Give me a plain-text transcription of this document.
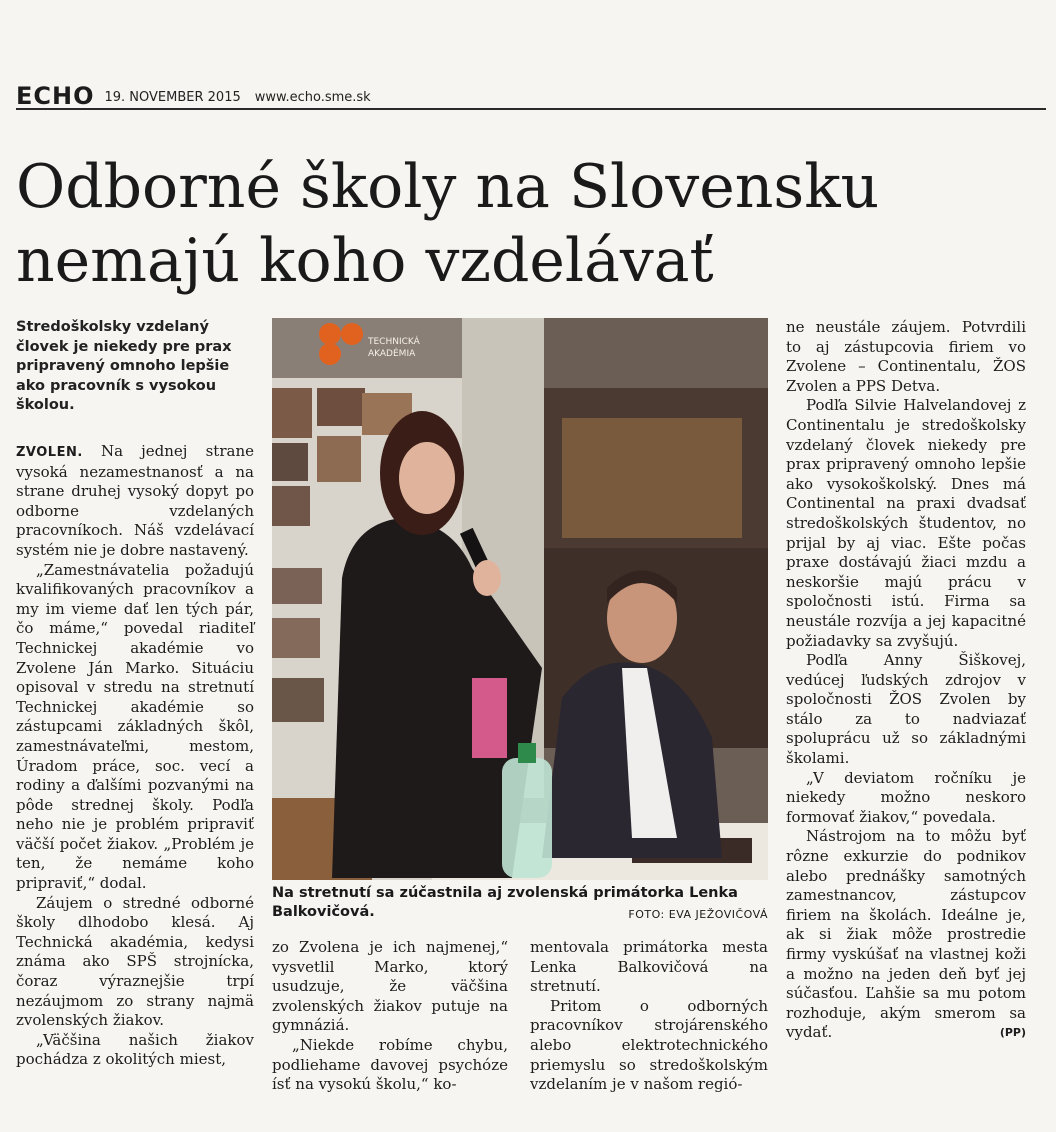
ECHO 19. NOVEMBER 2015 www.echo.sme.sk
Odborné školy na Slovensku nemajú koho vzdelávať
Stredoškolsky vzdelaný človek je niekedy pre prax pripravený omnoho lepšie ako pracovník s vysokou školou.

ZVOLEN. Na jednej strane vysoká nezamestnanosť a na strane druhej vysoký dopyt po odborne vzdelaných pracovníkoch. Náš vzdelávací systém nie je dobre nastavený.

„Zamestnávatelia požadujú kvalifikovaných pracovníkov a my im vieme dať len tých pár, čo máme,“ povedal riaditeľ Technickej akadémie vo Zvolene Ján Marko. Situáciu opisoval v stredu na stretnutí Technickej akadémie so zástupcami základných škôl, zamestnávateľmi, mestom, Úradom práce, soc. vecí a rodiny a ďalšími pozvanými na pôde strednej školy. Podľa neho nie je problém pripraviť väčší počet žiakov. „Problém je ten, že nemáme koho pripraviť,“ dodal.

Záujem o stredné odborné školy dlhodobo klesá. Aj Technická akadémia, kedysi známa ako SPŠ strojnícka, čoraz výraznejšie trpí nezáujmom zo strany najmä zvolenských žiakov.

„Väčšina našich žiakov pochádza z okolitých miest,

TECHNICKÁ
AKADÉMIA
Na stretnutí sa zúčastnila aj zvolenská primátorka Lenka Balkovičová.	FOTO: EVA JEŽOVIČOVÁ

zo Zvolena je ich najmenej,“ vysvetlil Marko, ktorý usudzuje, že väčšina zvolenských žiakov putuje na gymnáziá.

„Niekde robíme chybu, podliehame davovej psychóze ísť na vysokú školu,“ ko-

mentovala primátorka mesta Lenka Balkovičová na stretnutí.

Pritom o odborných pracovníkov strojárenského alebo elektrotechnického priemyslu so stredoškolským vzdelaním je v našom regió-

ne neustále záujem. Potvrdili to aj zástupcovia firiem vo Zvolene – Continentalu, ŽOS Zvolen a PPS Detva.

Podľa Silvie Halvelandovej z Continentalu je stredoškolsky vzdelaný človek niekedy pre prax pripravený omnoho lepšie ako vysokoškolský. Dnes má Continental na praxi dvadsať stredoškolských študentov, no prijal by aj viac. Ešte počas praxe dostávajú žiaci mzdu a neskoršie majú prácu v spoločnosti istú. Firma sa neustále rozvíja a jej kapacitné požiadavky sa zvyšujú.

Podľa Anny Šiškovej, vedúcej ľudských zdrojov v spoločnosti ŽOS Zvolen by stálo za to nadviazať spoluprácu už so základnými školami.

„V deviatom ročníku je niekedy možno neskoro formovať žiakov,“ povedala.

Nástrojom na to môžu byť rôzne exkurzie do podnikov alebo prednášky samotných zamestnancov, zástupcov firiem na školách. Ideálne je, ak si žiak môže prostredie firmy vyskúšať na vlastnej koži a možno na jeden deň byť jej súčasťou. Ľahšie sa mu potom rozhoduje, akým smerom sa vydať.	(PP)
